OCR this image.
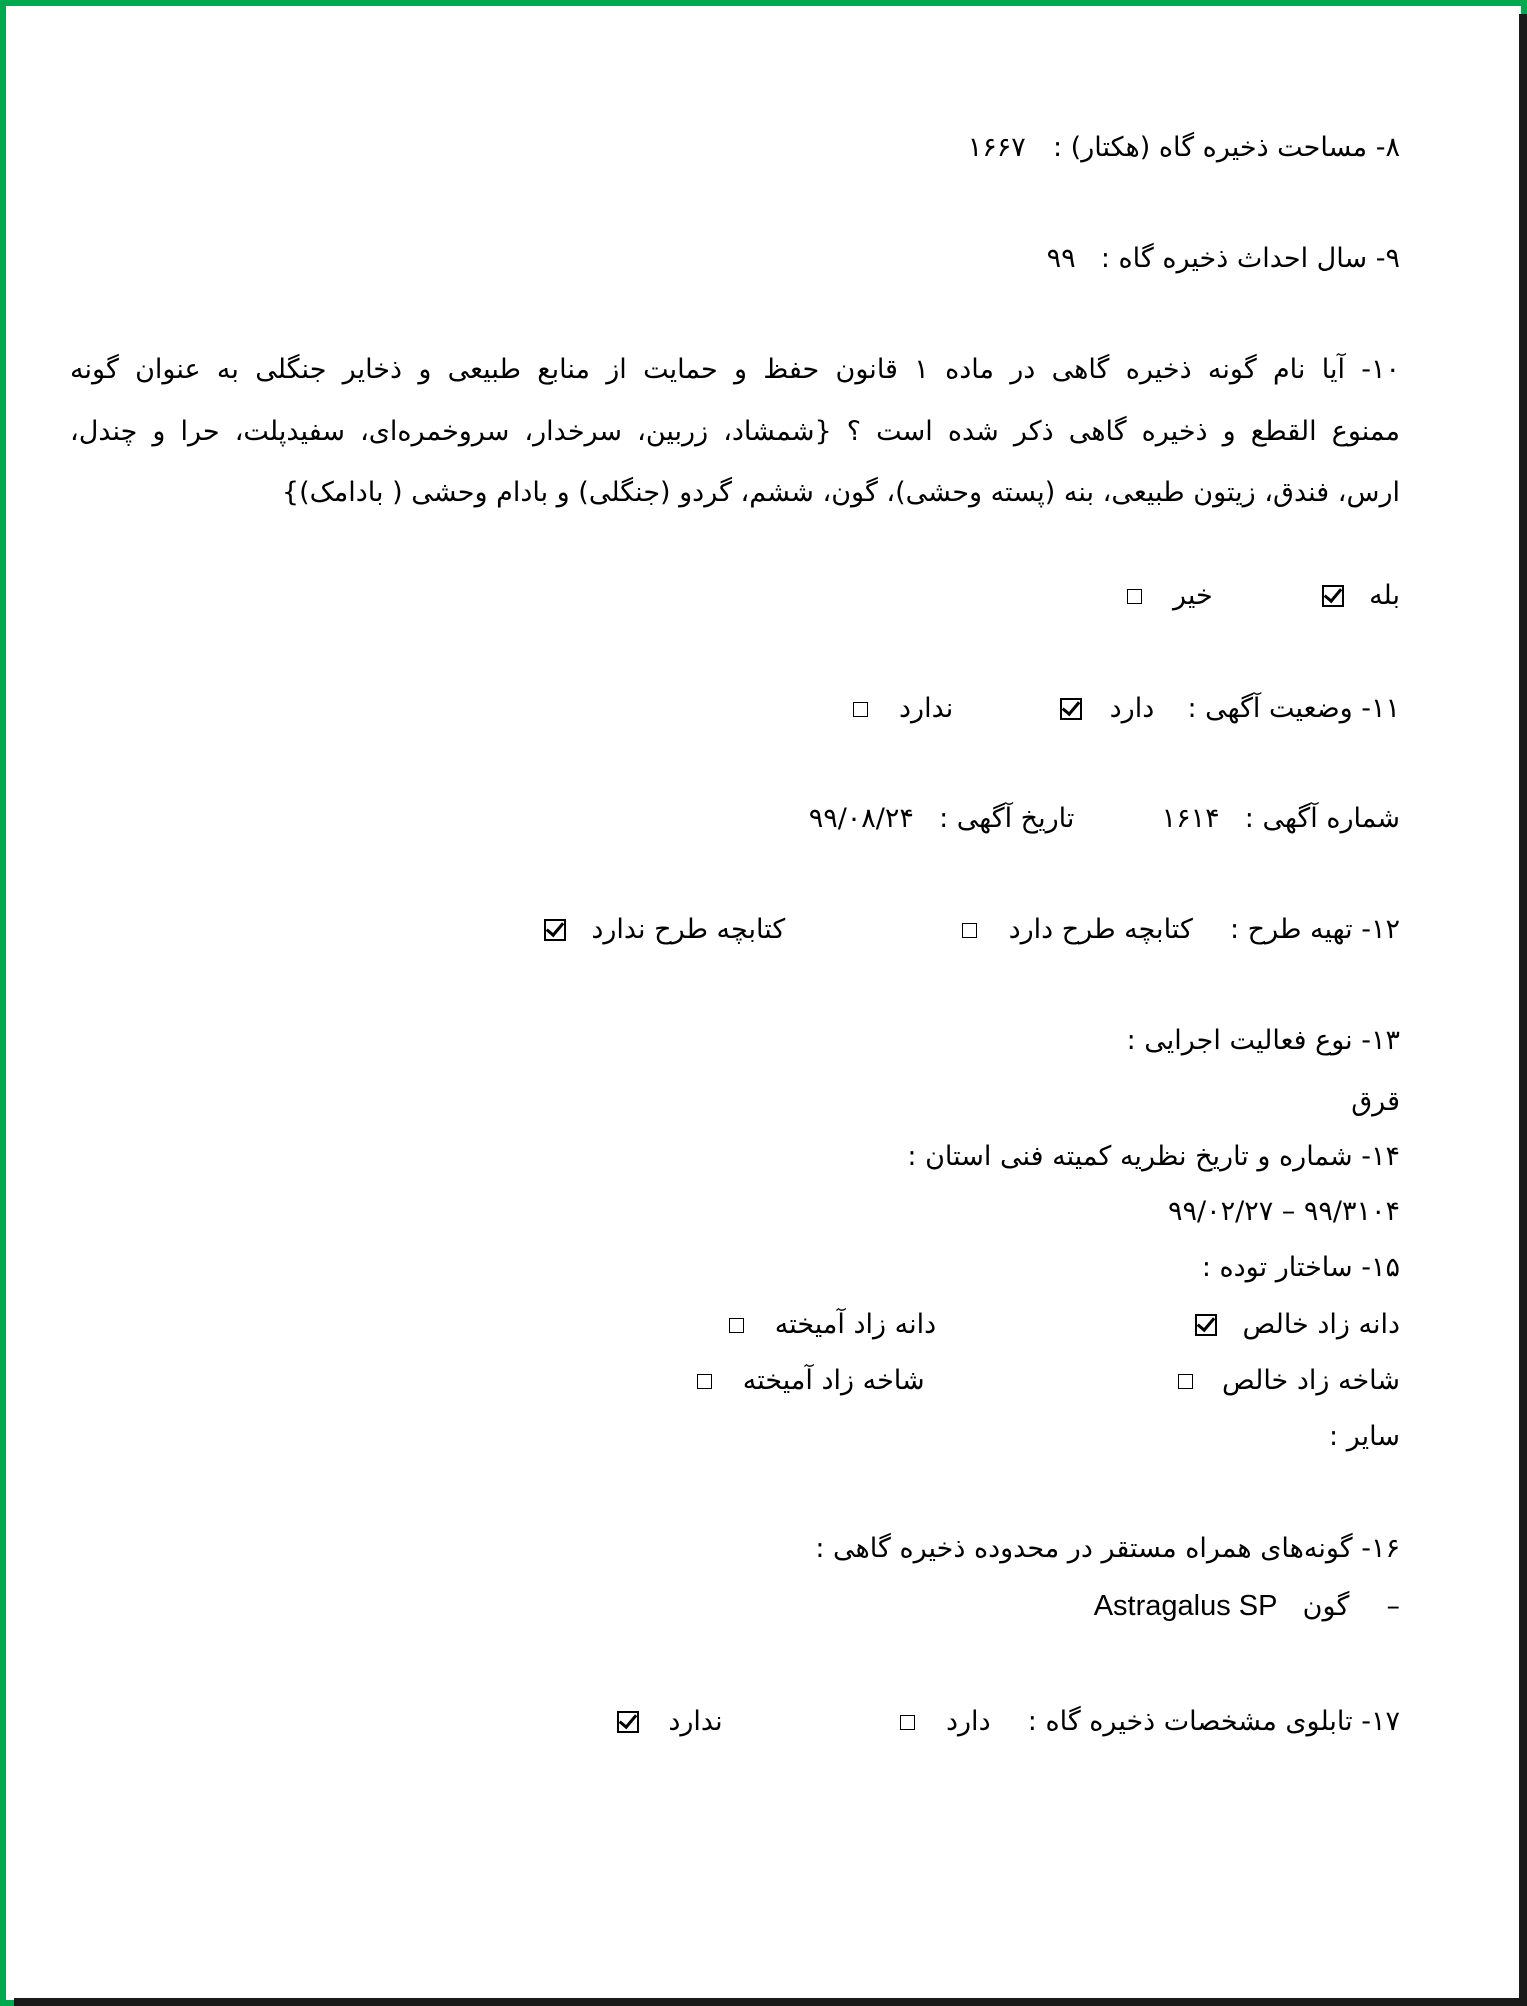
۸- مساحت ذخیره گاه (هکتار) :  ۱۶۶۷
۹- سال احداث ذخیره گاه :  ۹۹
۱۰- آیا نام گونه ذخیره گاهی در ماده ۱ قانون حفظ و حمایت از منابع طبیعی و ذخایر جنگلی به عنوان گونه
ممنوع القطع و ذخیره گاهی ذکر شده است ؟ {شمشاد، زربین، سرخدار، سروخمره‌ای، سفیدپلت، حرا و چندل،
ارس، فندق، زیتون طبیعی، بنه (پسته وحشی)، گون، ششم، گردو (جنگلی) و بادام وحشی ( بادامک)}
بله    خیر
۱۱- وضعیت آگهی :  دارد    ندارد
شماره آگهی :  ۱۶۱۴  تاریخ آگهی :  ۹۹/۰۸/۲۴
۱۲- تهیه طرح :  کتابچه طرح دارد    کتابچه طرح ندارد
۱۳- نوع فعالیت اجرایی :
قرق
۱۴- شماره و تاریخ نظریه کمیته فنی استان :
۹۹/۳۱۰۴ – ۹۹/۰۲/۲۷
۱۵- ساختار توده :
دانه زاد خالص    دانه زاد آمیخته
شاخه زاد خالص    شاخه زاد آمیخته
سایر :
۱۶- گونه‌های همراه مستقر در محدوده ذخیره گاهی :
–  گون  Astragalus SP
۱۷- تابلوی مشخصات ذخیره گاه :  دارد    ندارد
